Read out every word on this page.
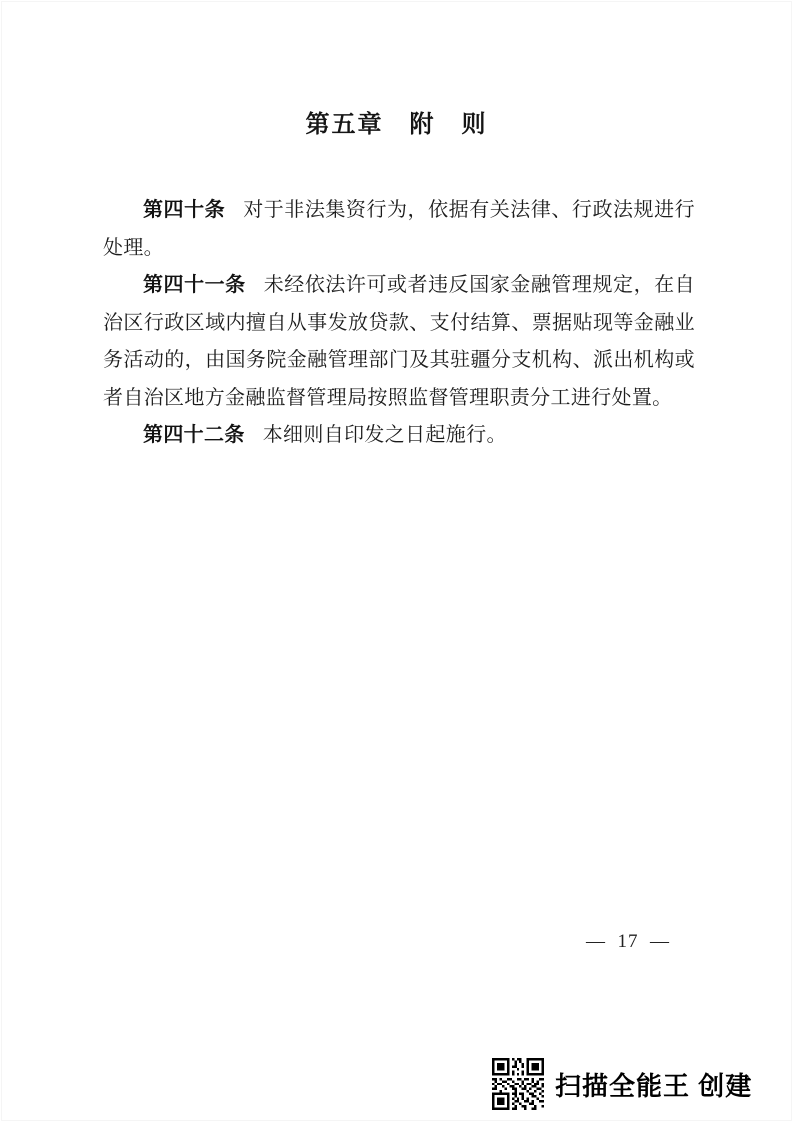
第五章　附　则

第四十条 对于非法集资行为，依据有关法律、行政法规进行处理。

第四十一条 未经依法许可或者违反国家金融管理规定，在自治区行政区域内擅自从事发放贷款、支付结算、票据贴现等金融业务活动的，由国务院金融管理部门及其驻疆分支机构、派出机构或者自治区地方金融监督管理局按照监督管理职责分工进行处置。

第四十二条 本细则自印发之日起施行。

—  17  —
扫描全能王 创建
